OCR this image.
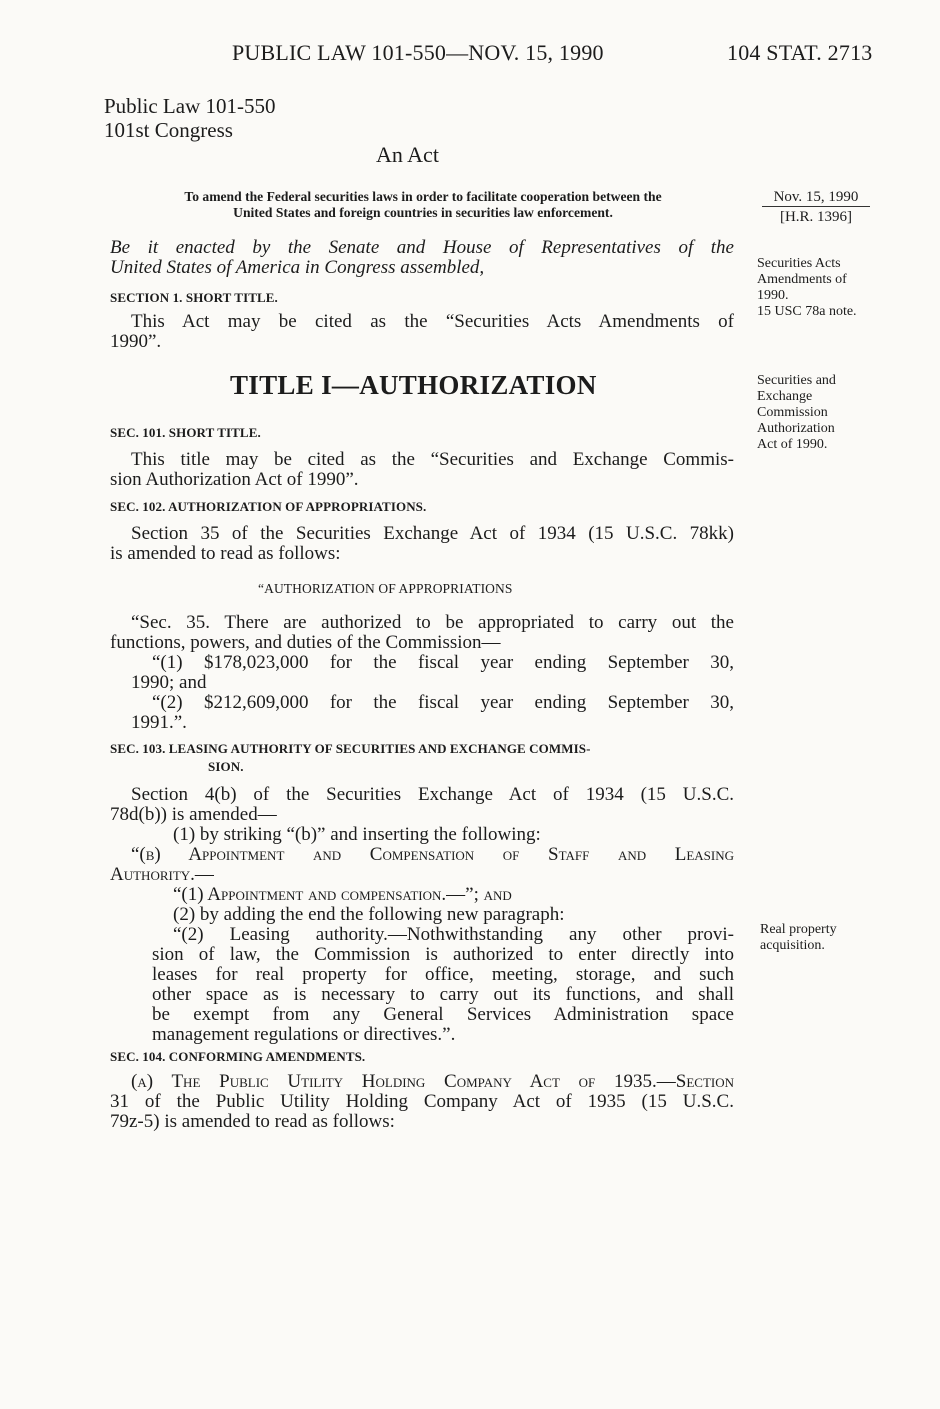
PUBLIC LAW 101-550—NOV. 15, 1990	104 STAT. 2713
Public Law 101-550
101st Congress
An Act
To amend the Federal securities laws in order to facilitate cooperation between the
United States and foreign countries in securities law enforcement.
Nov. 15, 1990
[H.R. 1396]
Securities Acts
Amendments of
1990.
15 USC 78a note.
Securities and
Exchange
Commission
Authorization
Act of 1990.
Real property
acquisition.
Be it enacted by the Senate and House of Representatives of the
United States of America in Congress assembled,
SECTION 1. SHORT TITLE.
This Act may be cited as the “Securities Acts Amendments of
1990”.
TITLE I—AUTHORIZATION
SEC. 101. SHORT TITLE.
This title may be cited as the “Securities and Exchange Commis-
sion Authorization Act of 1990”.
SEC. 102. AUTHORIZATION OF APPROPRIATIONS.
Section 35 of the Securities Exchange Act of 1934 (15 U.S.C. 78kk)
is amended to read as follows:
“AUTHORIZATION OF APPROPRIATIONS
“Sec. 35. There are authorized to be appropriated to carry out the
functions, powers, and duties of the Commission—
“(1) $178,023,000 for the fiscal year ending September 30,
1990; and
“(2) $212,609,000 for the fiscal year ending September 30,
1991.”.
SEC. 103. LEASING AUTHORITY OF SECURITIES AND EXCHANGE COMMIS-
SION.
Section 4(b) of the Securities Exchange Act of 1934 (15 U.S.C.
78d(b)) is amended—
(1) by striking “(b)” and inserting the following:
“(b) Appointment and Compensation of Staff and Leasing
Authority.—
“(1) Appointment and compensation.—”; and
(2) by adding the end the following new paragraph:
“(2) Leasing authority.—Nothwithstanding any other provi-
sion of law, the Commission is authorized to enter directly into
leases for real property for office, meeting, storage, and such
other space as is necessary to carry out its functions, and shall
be exempt from any General Services Administration space
management regulations or directives.”.
SEC. 104. CONFORMING AMENDMENTS.
(a) The Public Utility Holding Company Act of 1935.—Section
31 of the Public Utility Holding Company Act of 1935 (15 U.S.C.
79z-5) is amended to read as follows:
